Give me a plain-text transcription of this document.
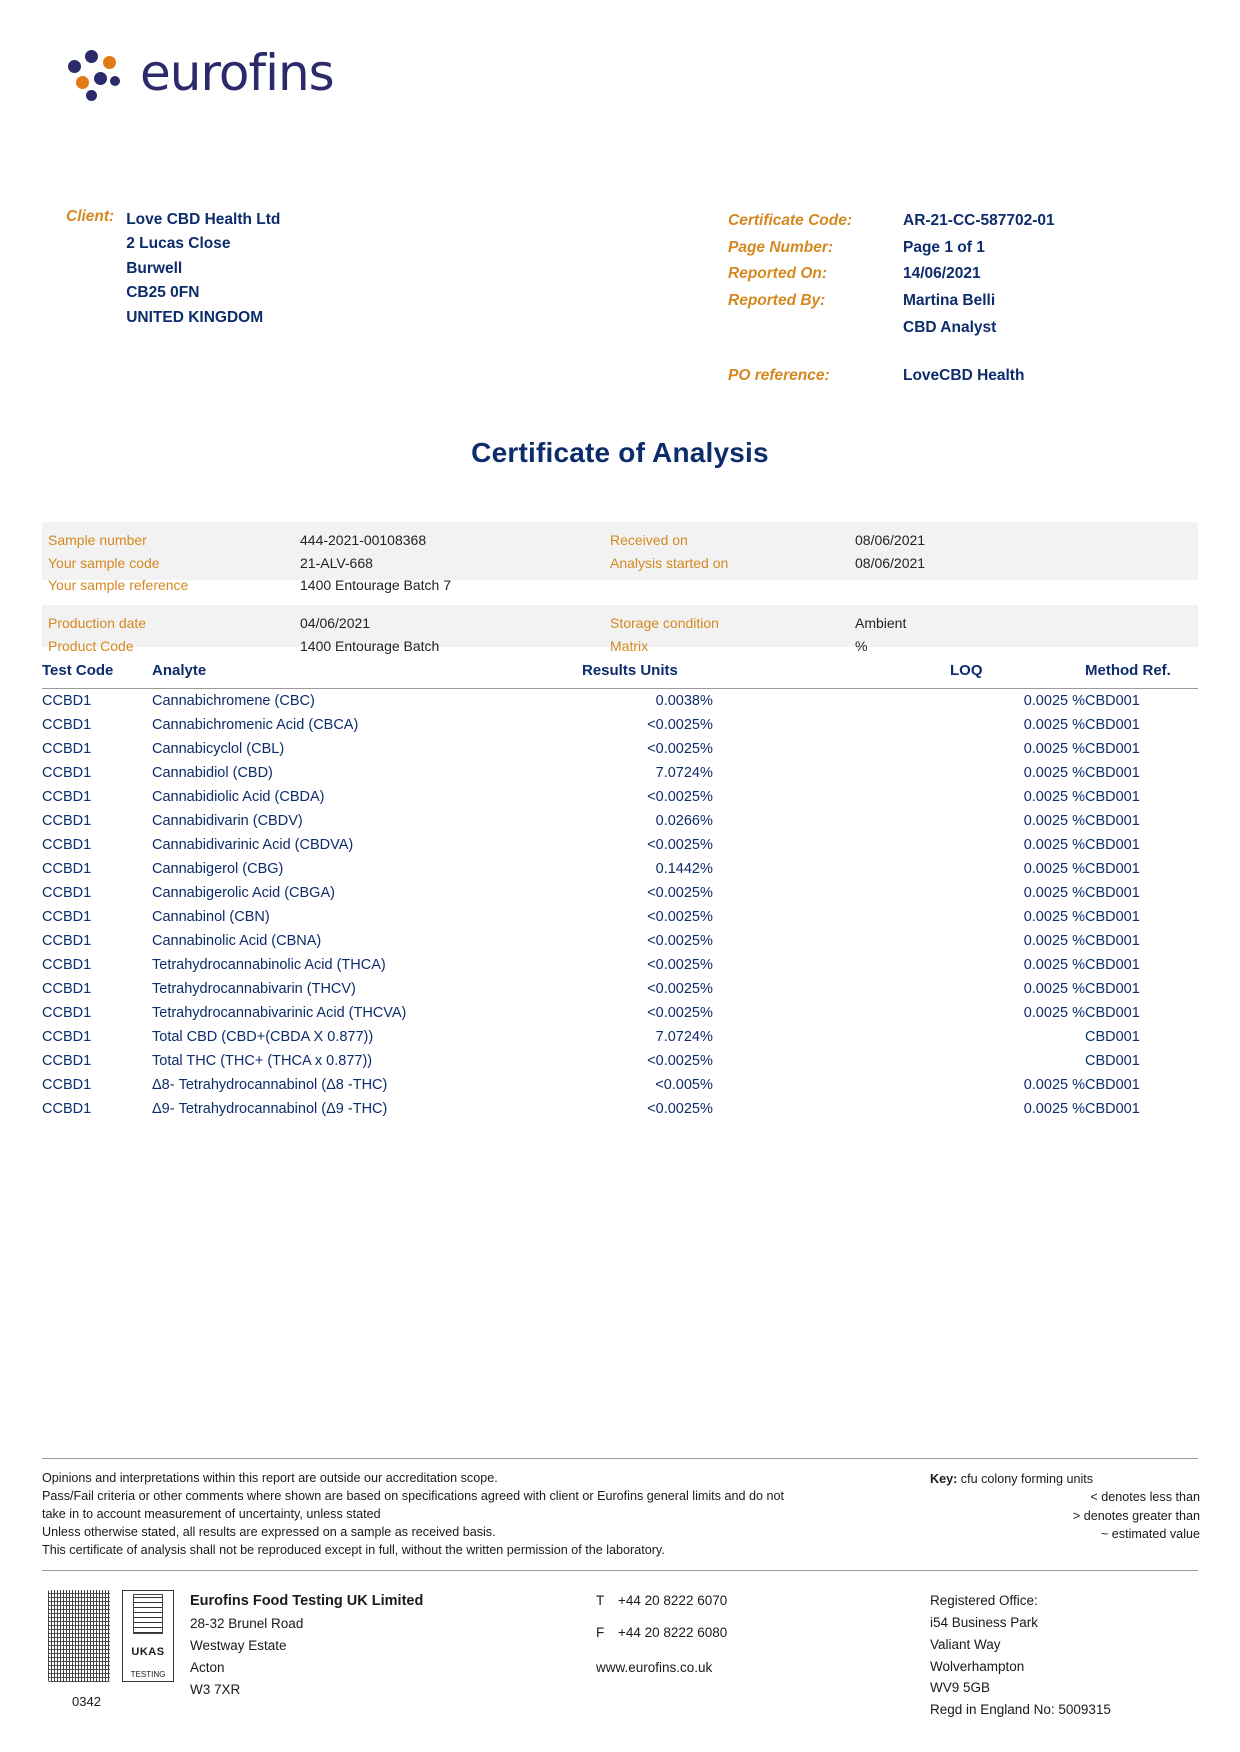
eurofins
Client: Love CBD Health Ltd
2 Lucas Close
Burwell
CB25 0FN
UNITED KINGDOM
Certificate Code:	AR-21-CC-587702-01
Page Number:	Page 1 of 1
Reported On:	14/06/2021
Reported By:	Martina Belli
CBD Analyst
PO reference:	LoveCBD Health
Certificate of Analysis
Sample number	444-2021-00108368	Received on	08/06/2021
Your sample code	21-ALV-668	Analysis started on	08/06/2021
Your sample reference	1400 Entourage Batch 7
Production date	04/06/2021	Storage condition	Ambient
Product Code	1400 Entourage Batch	Matrix	%
Test Code	Analyte	Results Units		LOQ	Method Ref.
CCBD1	Cannabichromene (CBC)	0.0038	%	0.0025 %	CBD001
CCBD1	Cannabichromenic Acid (CBCA)	<0.0025	%	0.0025 %	CBD001
CCBD1	Cannabicyclol (CBL)	<0.0025	%	0.0025 %	CBD001
CCBD1	Cannabidiol (CBD)	7.0724	%	0.0025 %	CBD001
CCBD1	Cannabidiolic Acid (CBDA)	<0.0025	%	0.0025 %	CBD001
CCBD1	Cannabidivarin (CBDV)	0.0266	%	0.0025 %	CBD001
CCBD1	Cannabidivarinic Acid (CBDVA)	<0.0025	%	0.0025 %	CBD001
CCBD1	Cannabigerol (CBG)	0.1442	%	0.0025 %	CBD001
CCBD1	Cannabigerolic Acid (CBGA)	<0.0025	%	0.0025 %	CBD001
CCBD1	Cannabinol (CBN)	<0.0025	%	0.0025 %	CBD001
CCBD1	Cannabinolic Acid (CBNA)	<0.0025	%	0.0025 %	CBD001
CCBD1	Tetrahydrocannabinolic Acid (THCA)	<0.0025	%	0.0025 %	CBD001
CCBD1	Tetrahydrocannabivarin (THCV)	<0.0025	%	0.0025 %	CBD001
CCBD1	Tetrahydrocannabivarinic Acid (THCVA)	<0.0025	%	0.0025 %	CBD001
CCBD1	Total CBD (CBD+(CBDA X 0.877))	7.0724	%		CBD001
CCBD1	Total THC (THC+ (THCA x 0.877))	<0.0025	%		CBD001
CCBD1	Δ8- Tetrahydrocannabinol (Δ8 -THC)	<0.005	%	0.0025 %	CBD001
CCBD1	Δ9- Tetrahydrocannabinol (Δ9 -THC)	<0.0025	%	0.0025 %	CBD001
Opinions and interpretations within this report are outside our accreditation scope.
Pass/Fail criteria or other comments where shown are based on specifications agreed with client or Eurofins general limits and do not
take in to account measurement of uncertainty, unless stated
Unless otherwise stated, all results are expressed on a sample as received basis.
This certificate of analysis shall not be reproduced except in full, without the written permission of the laboratory.
Key: cfu colony forming units
< denotes less than
> denotes greater than
~ estimated value
UKAS
TESTING
0342
Eurofins Food Testing UK Limited
28-32 Brunel Road
Westway Estate
Acton
W3 7XR
T +44 20 8222 6070
F +44 20 8222 6080
www.eurofins.co.uk
Registered Office:
i54 Business Park
Valiant Way
Wolverhampton
WV9 5GB
Regd in England No: 5009315
